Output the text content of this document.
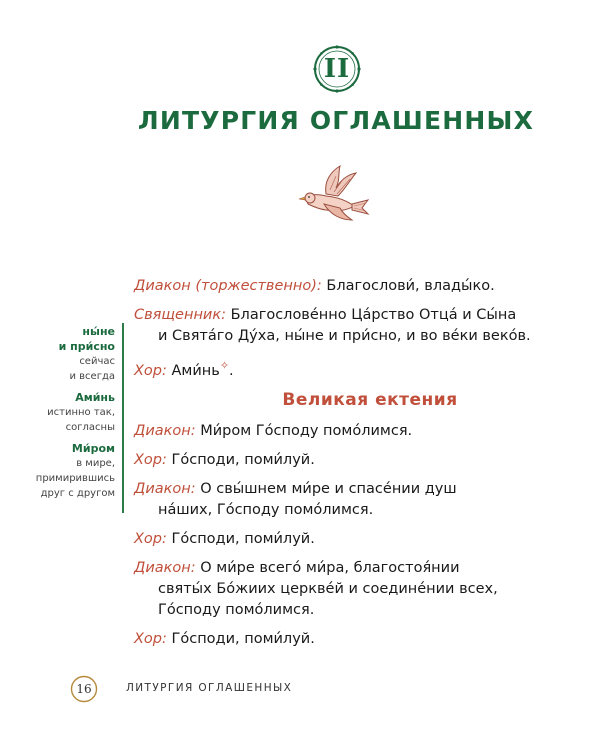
II
ЛИТУРГИЯ ОГЛАШЕННЫХ
ны́не
и при́сно
сейчас
и всегда
Ами́нь
истинно так,
согласны
Ми́ром
в мире,
примирившись
друг с другом
Диакон (торжественно): Благослови́, влады́ко.
Священник: Благослове́нно Ца́рство Отца́ и Сы́на
и Свята́го Ду́ха, ны́не и при́сно, и во ве́ки веко́в.
Хор: Ами́нь✧.
Великая ектения
Диакон: Ми́ром Го́споду помо́лимся.
Хор: Го́споди, поми́луй.
Диакон: О свы́шнем ми́ре и спасе́нии душ
на́ших, Го́споду помо́лимся.
Хор: Го́споди, поми́луй.
Диакон: О ми́ре всего́ ми́ра, благостоя́нии
святы́х Бо́жиих церкве́й и соедине́нии всех,
Го́споду помо́лимся.
Хор: Го́споди, поми́луй.
16	ЛИТУРГИЯ ОГЛАШЕННЫХ
